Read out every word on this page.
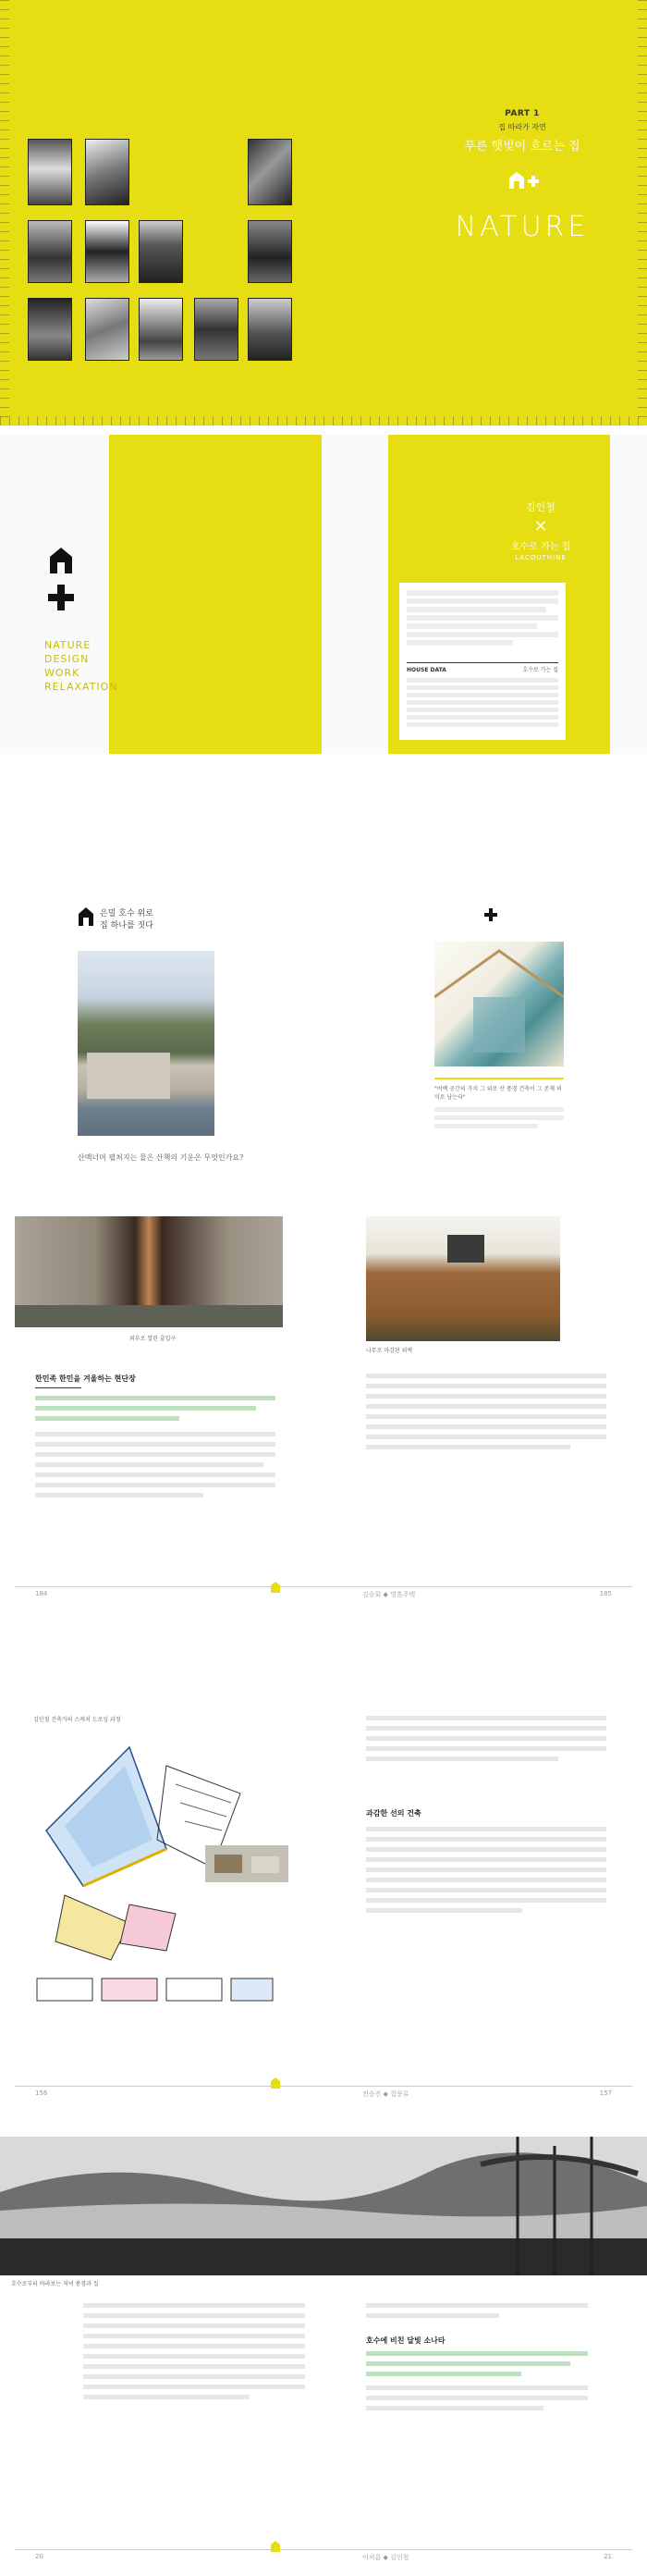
PART 1
집 따라가 자연
푸른 햇빛이 흐르는 집
NATURE
NATURE
DESIGN
WORK
RELAXATION
김인철
×
호수로 가는 집
LACOUTHINE
HOUSE DATA	호수로 가는 집
은밀 호수 위로
집 하나를 짓다
산맥너머 펼쳐지는 물은 산책의 기운은 무엇인가요?
"여백 공간의 가치 그 위로 산 풍경 건축이 그 존재 의미로 남는다"
외부로 열린 출입구
나무로 마감된 외벽
한민족 한민을 겨울하는 현단장
184	185
김승회 ◆ 영혼주택
김인철 건축가의 스케치 드로잉 과정
과감한 선의 건축
156	157
전승진 ◆ 집풍류
호수로부터 바라보는 저녁 풍경과 집
호수에 비친 달빛 소나타
20	21
이씨름 ◆ 김인철
